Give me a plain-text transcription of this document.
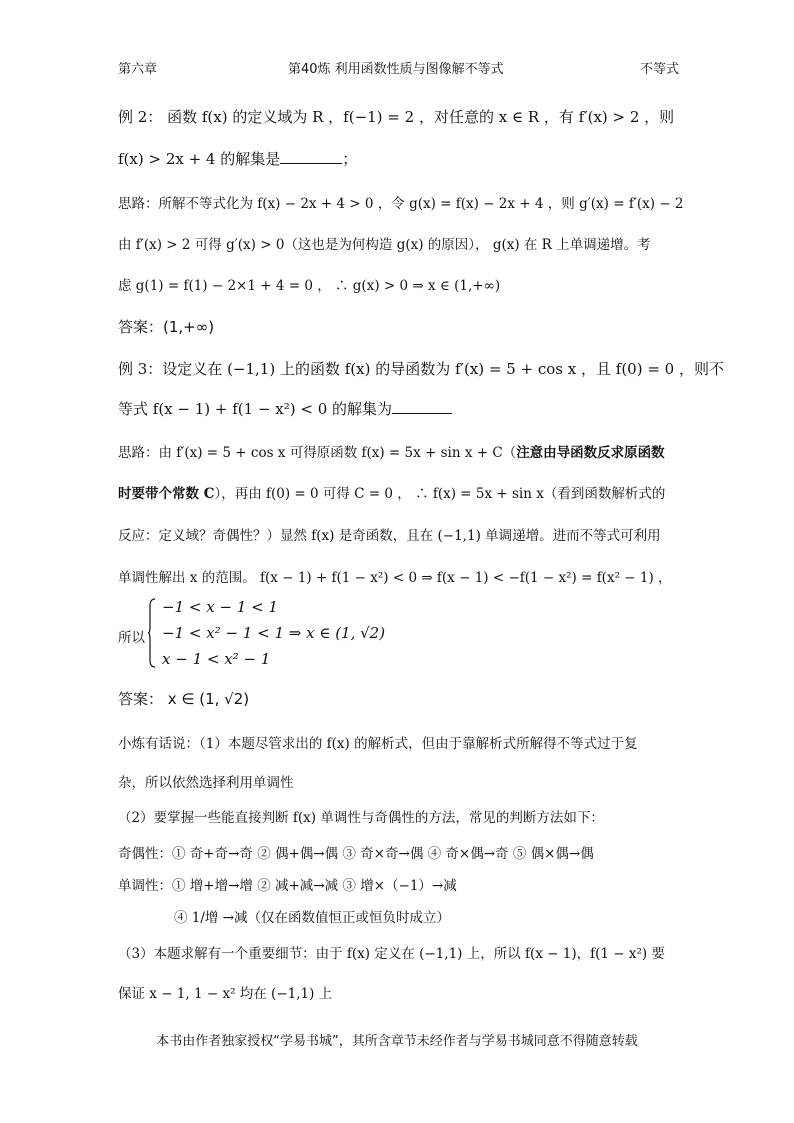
第六章	第40炼 利用函数性质与图像解不等式	不等式
例 2： 函数 f(x) 的定义域为 R ，f(−1) = 2 ，对任意的 x ∈ R ，有 f′(x) > 2 ，则
f(x) > 2x + 4 的解集是	；
思路：所解不等式化为 f(x) − 2x + 4 > 0 ，令 g(x) = f(x) − 2x + 4 ，则 g′(x) = f′(x) − 2
由 f′(x) > 2 可得 g′(x) > 0（这也是为何构造 g(x) 的原因）， g(x) 在 R 上单调递增。考
虑 g(1) = f(1) − 2×1 + 4 = 0 ， ∴ g(x) > 0 ⇒ x ∈ (1,+∞)
答案：(1,+∞)
例 3：设定义在 (−1,1) 上的函数 f(x) 的导函数为 f′(x) = 5 + cos x ，且 f(0) = 0 ，则不
等式 f(x − 1) + f(1 − x²) < 0 的解集为
思路：由 f′(x) = 5 + cos x 可得原函数 f(x) = 5x + sin x + C（注意由导函数反求原函数
时要带个常数 C），再由 f(0) = 0 可得 C = 0 ， ∴ f(x) = 5x + sin x（看到函数解析式的
反应：定义域？奇偶性？）显然 f(x) 是奇函数，且在 (−1,1) 单调递增。进而不等式可利用
单调性解出 x 的范围。 f(x − 1) + f(1 − x²) < 0 ⇒ f(x − 1) < −f(1 − x²) = f(x² − 1) ，
所以
−1 < x − 1 < 1
−1 < x² − 1 < 1 ⇒ x ∈ (1, √2)
x − 1 < x² − 1
答案： x ∈ (1, √2)
小炼有话说：（1）本题尽管求出的 f(x) 的解析式，但由于靠解析式所解得不等式过于复
杂，所以依然选择利用单调性
（2）要掌握一些能直接判断 f(x) 单调性与奇偶性的方法，常见的判断方法如下：
奇偶性：① 奇+奇→奇 ② 偶+偶→偶 ③ 奇×奇→偶 ④ 奇×偶→奇 ⑤ 偶×偶→偶
单调性：① 增+增→增 ② 减+减→减 ③ 增×（−1）→减
④ 1/增 →减（仅在函数值恒正或恒负时成立）
（3）本题求解有一个重要细节：由于 f(x) 定义在 (−1,1) 上，所以 f(x − 1)，f(1 − x²) 要
保证 x − 1, 1 − x² 均在 (−1,1) 上
本书由作者独家授权“学易书城”，其所含章节未经作者与学易书城同意不得随意转载
